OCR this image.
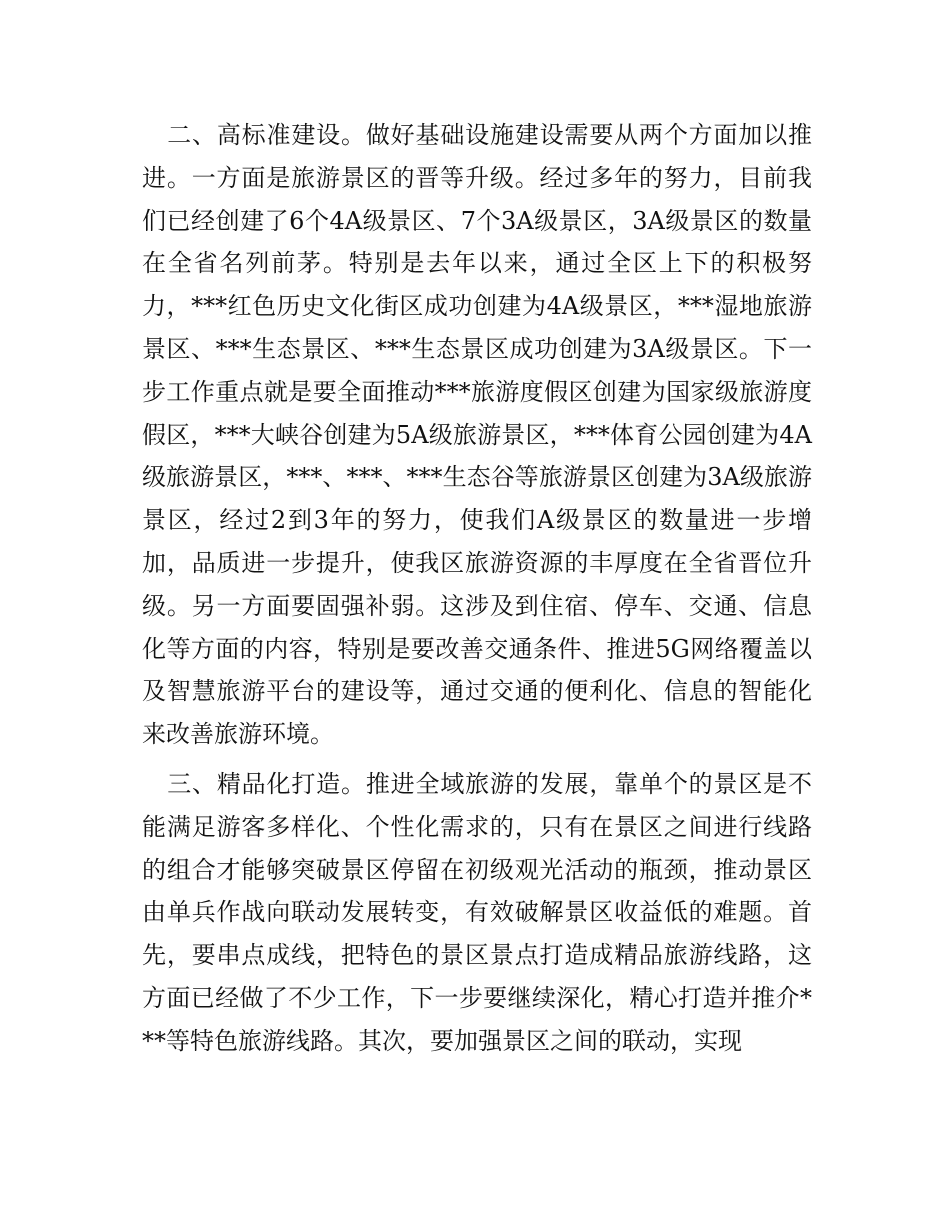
二、高标准建设。做好基础设施建设需要从两个方面加以推进。一方面是旅游景区的晋等升级。经过多年的努力，目前我们已经创建了6个4A级景区、7个3A级景区，3A级景区的数量在全省名列前茅。特别是去年以来，通过全区上下的积极努力，***红色历史文化街区成功创建为4A级景区，***湿地旅游景区、***生态景区、***生态景区成功创建为3A级景区。下一步工作重点就是要全面推动***旅游度假区创建为国家级旅游度假区，***大峡谷创建为5A级旅游景区，***体育公园创建为4A级旅游景区，***、***、***生态谷等旅游景区创建为3A级旅游景区，经过2到3年的努力，使我们A级景区的数量进一步增加，品质进一步提升，使我区旅游资源的丰厚度在全省晋位升级。另一方面要固强补弱。这涉及到住宿、停车、交通、信息化等方面的内容，特别是要改善交通条件、推进5G网络覆盖以及智慧旅游平台的建设等，通过交通的便利化、信息的智能化来改善旅游环境。

三、精品化打造。推进全域旅游的发展，靠单个的景区是不能满足游客多样化、个性化需求的，只有在景区之间进行线路的组合才能够突破景区停留在初级观光活动的瓶颈，推动景区由单兵作战向联动发展转变，有效破解景区收益低的难题。首先，要串点成线，把特色的景区景点打造成精品旅游线路，这方面已经做了不少工作，下一步要继续深化，精心打造并推介***等特色旅游线路。其次，要加强景区之间的联动，实现
